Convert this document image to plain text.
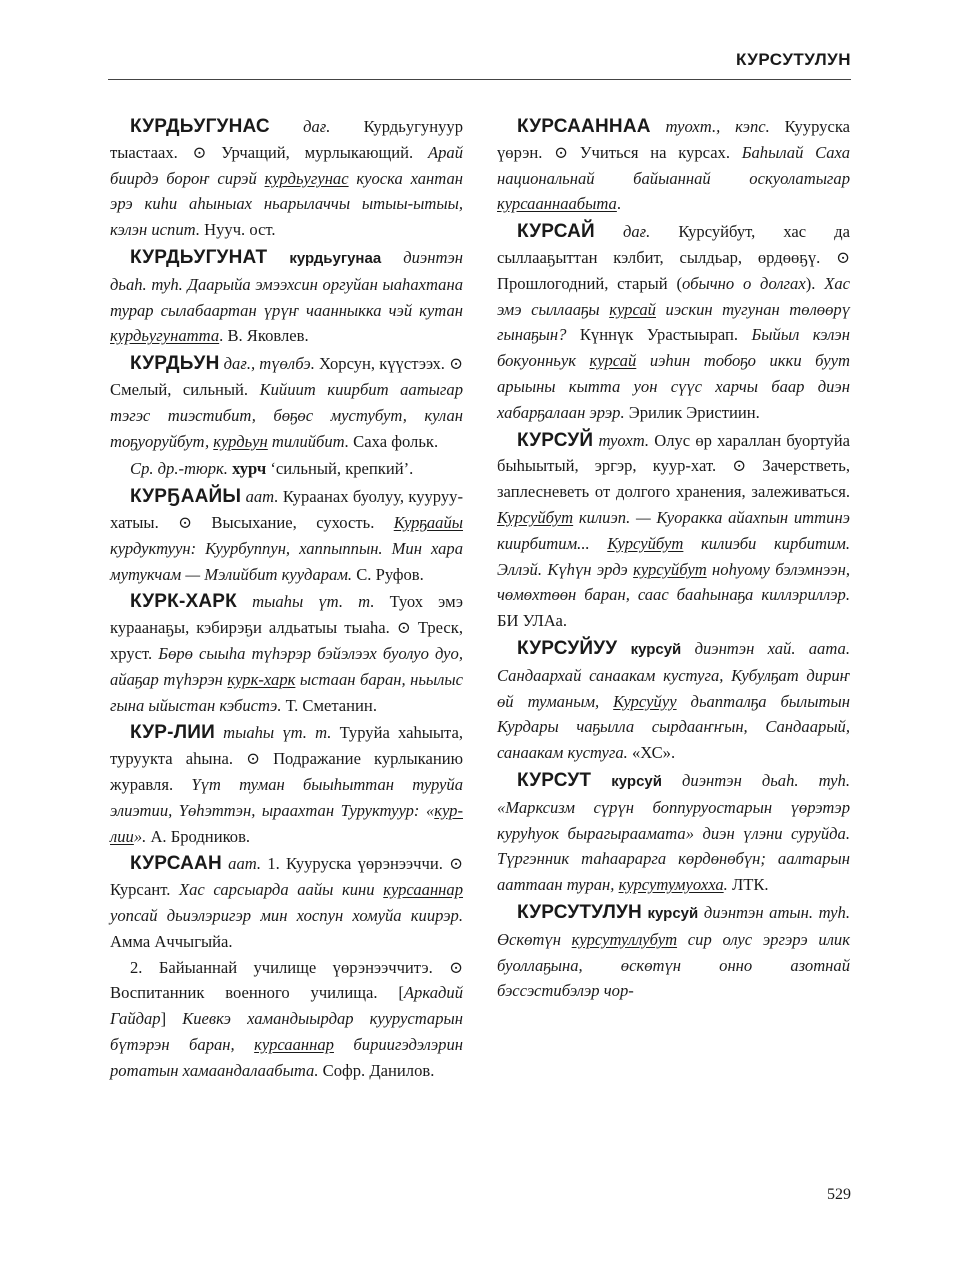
КУРСУТУЛУН

КУРДЬУГУНАС дағ. Курдьугунуур тыастаах. ⊙ Урчащий, мурлыкающий. Арай биирдэ бороҥ сирэй курдьугунас куоска хантан эрэ киһи аһыныах ньарылаччы ытыы-ытыы, кэлэн испит. Нууч. ост.

КУРДЬУГУНАТ курдьугунаа диэнтэн дьаһ. туһ. Даарыйа эмээхсин оргуйан ыаһахтана турар сылабаартан үрүҥ чаанныкка чэй кутан курдьугунатта. В. Яковлев.

КУРДЬУН дағ., түөлбэ. Хорсун, күүстээх. ⊙ Смелый, сильный. Кийиит киирбит аатыгар тэгэс тиэстибит, бөҕөс мустубут, кулан тоҕуоруйбут, курдьун тилийбит. Саха фольк.

Ср. др.-тюрк. хурч ‘сильный, крепкий’.

КУРҔААЙЫ аат. Кураанах буолуу, кууруу-хатыы. ⊙ Высыхание, сухость. Курҕаайы курдуктуун: Куурбуппун, хаппыппын. Мин хара мутукчам — Мэлийбит куударам. С. Руфов.

КУРК-ХАРК тыаһы үт. т. Туох эмэ кураанаҕы, кэбирэҕи алдьатыы тыаһа. ⊙ Треск, хруст. Бөрө сыыһа түһэрэр бэйэлээх буолуо дуо, айаҕар түһэрэн курк-харк ыстаан баран, ньылыс гына ыйыстан кэбистэ. Т. Сметанин.

КУР-ЛИИ тыаһы үт. т. Туруйа хаһыыта, туруукта аһына. ⊙ Подражание курлыканию журавля. Үүт туман быыһыттан туруйа элиэтии, Үөһэттэн, ыраахтан Туруктуур: «кур-лии». А. Бродников.

КУРСААН аат. 1. Кууруска үөрэнээччи. ⊙ Курсант. Хас сарсыарда аайы кини курсааннар уопсай дьиэлэригэр мин хоспун хомуйа киирэр. Амма Аччыгыйа.

2. Байыаннай училище үөрэнээччитэ. ⊙ Воспитанник военного училища. [Аркадий Гайдар] Киевкэ хамандыырдар куурустарын бүтэрэн баран, курсааннар бириигэдэлэрин ротатын хамаандалаабыта. Софр. Данилов.

КУРСААННАА туохт., кэпс. Кууруска үөрэн. ⊙ Учиться на курсах. Баһылай Саха национальнай байыаннай оскуолатыгар курсааннаабыта.

КУРСАЙ дағ. Курсуйбут, хас да сыллааҕыттан кэлбит, сылдьар, өрдөөҕү. ⊙ Прошлогодний, старый (обычно о долгах). Хас эмэ сыллааҕы курсай иэскин тугунан төлөөрү гынаҕын? Күннүк Урастыырап. Быйыл кэлэн бокуонньук курсай иэһин тобоҕо икки буут арыыны кытта уон сүүс харчы баар диэн хабарҕалаан эрэр. Эрилик Эристиин.

КУРСУЙ туохт. Олус өр хараллан буортуйа быһыытый, эргэр, куур-хат. ⊙ Зачерстветь, заплесневеть от долгого хранения, залеживаться. Курсуйбут килиэп. — Куоракка айахпын иттинэ киирбитим... Курсуйбут килиэби кирбитим. Эллэй. Күһүн эрдэ курсуйбут ноһуому бэлэмнээн, чөмөхтөөн баран, саас бааһынаҕа киллэриллэр. БИ УЛАа.

КУРСУЙУУ курсуй диэнтэн хай. аата. Сандаархай санаакам кустуга, Кубулҕат дириҥ өй туманым, Курсуйуу дьапталҕа былытын Курдары чаҕылла сырдааҥҥын, Сандаарый, санаакам кустуга. «ХС».

КУРСУТ курсуй диэнтэн дьаһ. туһ. «Марксизм сүрүн боппуруостарын үөрэтэр куруһуок бырагыраамата» диэн үлэни суруйда. Түргэнник таһаарарга көрдөнөбүн; аалтарын ааттаан туран, курсутумуохха. ЛТК.

КУРСУТУЛУН курсуй диэнтэн атын. туһ. Өскөтүн курсутуллубут сир олус эргэрэ илик буоллаҕына, өскөтүн онно азотнай бэссэстибэлэр чор-

529
